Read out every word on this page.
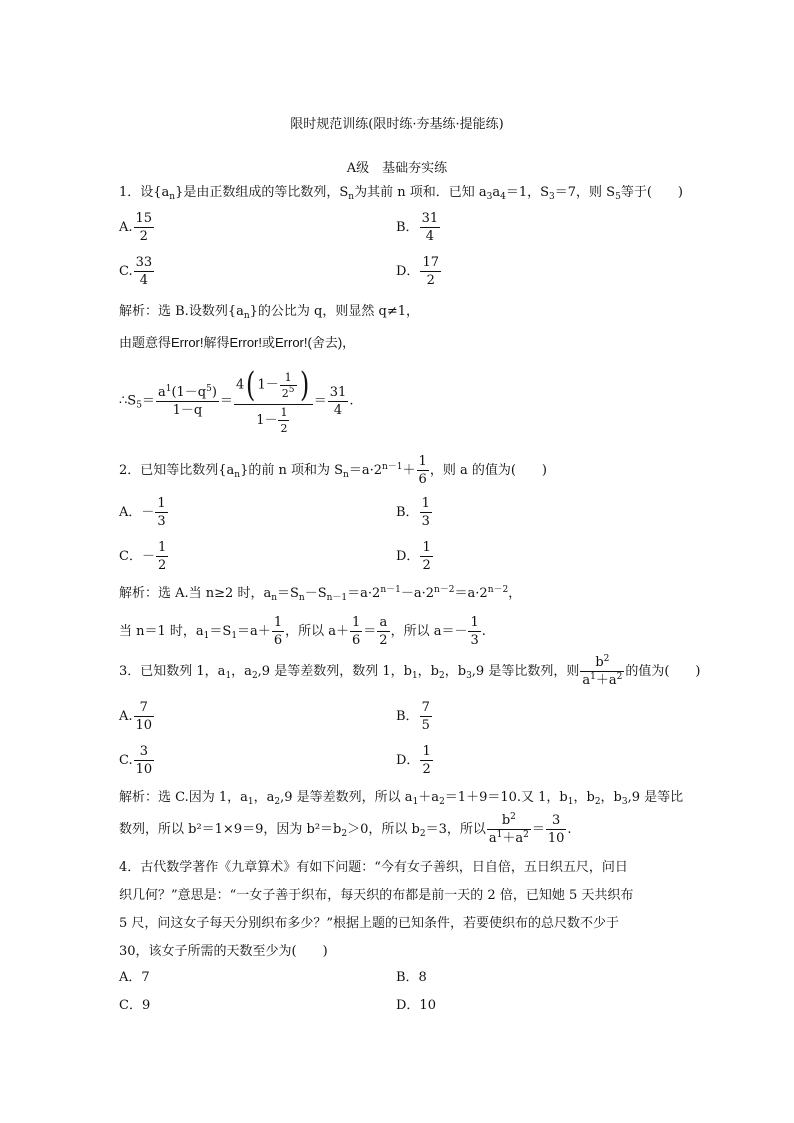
限时规范训练(限时练·夯基练·提能练)
A级　基础夯实练
1．设$\{a_n\}$是由正数组成的等比数列，$S_n$为其前 n 项和．已知 $a_3a_4=1$，$S_3=7$，则 $S_5$等于(　　)
A. $\frac{15}{2}$	B． $\frac{31}{4}$
C. $\frac{33}{4}$	D． $\frac{17}{2}$
解析：选 B.设数列$\{a_n\}$的公比为 q，则显然 q≠1，
由题意得Error!解得Error!或Error!(舍去)，
$\therefore S_5= \frac{a^1(1-q^5)}{1-q} = \frac{4( 1- \frac{1}{2^5} )}{1- \frac{1}{2}} = \frac{31}{4}$ .
2．已知等比数列$\{a_n\}$的前 n 项和为 $S_n=a\cdot 2^{n-1}+ \frac{1}{6}$ ，则 a 的值为(　　)
A．－ $\frac{1}{3}$	B． $\frac{1}{3}$
C．－ $\frac{1}{2}$	D． $\frac{1}{2}$
解析：选 A.当 n≥2 时，$a_n=S_n-S_{n-1}=a\cdot 2^{n-1}-a\cdot 2^{n-2}=a\cdot 2^{n-2}$，
当 n＝1 时，$a_1=S_1=a+ \frac{1}{6}$ ，所以 $a+ \frac{1}{6} = \frac{a}{2}$ ，所以 $a=- \frac{1}{3}$ .
3．已知数列 1，$a_1$，$a_2,9$ 是等差数列，数列 1，$b_1$，$b_2$，$b_3,9$ 是等比数列，则 $\frac{b^2}{a^1+a^2}$ 的值为(　　)
A. $\frac{7}{10}$	B． $\frac{7}{5}$
C. $\frac{3}{10}$	D． $\frac{1}{2}$
解析：选 C.因为 1，$a_1$，$a_2,9$ 是等差数列，所以 $a_1+a_2=1+9=10$.又 1，$b_1$，$b_2$，$b_3,9$ 是等比
数列，所以 b²＝1×9＝9，因为 $b^2=b_2>0$，所以 $b_2=3$，所以 $\frac{b^2}{a^1+a^2} = \frac{3}{10}$ .
4．古代数学著作《九章算术》有如下问题：“今有女子善织，日自倍，五日织五尺，问日
织几何？”意思是：“一女子善于织布，每天织的布都是前一天的 2 倍，已知她 5 天共织布
5 尺，问这女子每天分别织布多少？”根据上题的已知条件，若要使织布的总尺数不少于
30，该女子所需的天数至少为(　　)
A．7	B．8
C．9	D．10
